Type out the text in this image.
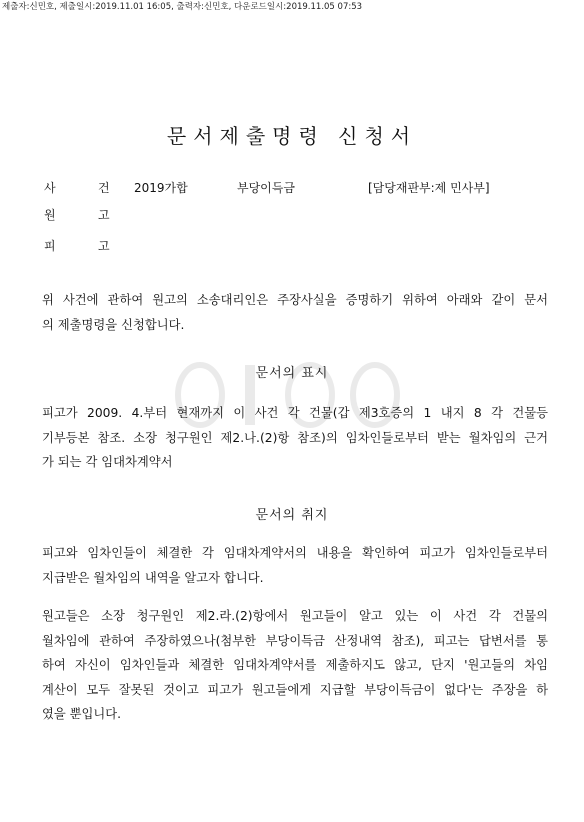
제출자:신민호, 제출일시:2019.11.01 16:05, 출력자:신민호, 다운로드일시:2019.11.05 07:53
문서제출명령 신청서
사	건 2019가합	부당이득금	[담당재판부:제 민사부]
원	고
피	고
위 사건에 관하여 원고의 소송대리인은 주장사실을 증명하기 위하여 아래와 같이 문서
의 제출명령을 신청합니다.
문서의 표시
피고가 2009. 4.부터 현재까지 이 사건 각 건물(갑 제3호증의 1 내지 8 각 건물등
기부등본 참조. 소장 청구원인 제2.나.(2)항 참조)의 임차인들로부터 받는 월차임의 근거
가 되는 각 임대차계약서
문서의 취지
피고와 임차인들이 체결한 각 임대차계약서의 내용을 확인하여 피고가 임차인들로부터
지급받은 월차임의 내역을 알고자 합니다.
원고들은 소장 청구원인 제2.라.(2)항에서 원고들이 알고 있는 이 사건 각 건물의
월차임에 관하여 주장하였으나(첨부한 부당이득금 산정내역 참조), 피고는 답변서를 통
하여 자신이 임차인들과 체결한 임대차계약서를 제출하지도 않고, 단지 '원고들의 차임
계산이 모두 잘못된 것이고 피고가 원고들에게 지급할 부당이득금이 없다'는 주장을 하
였을 뿐입니다.
